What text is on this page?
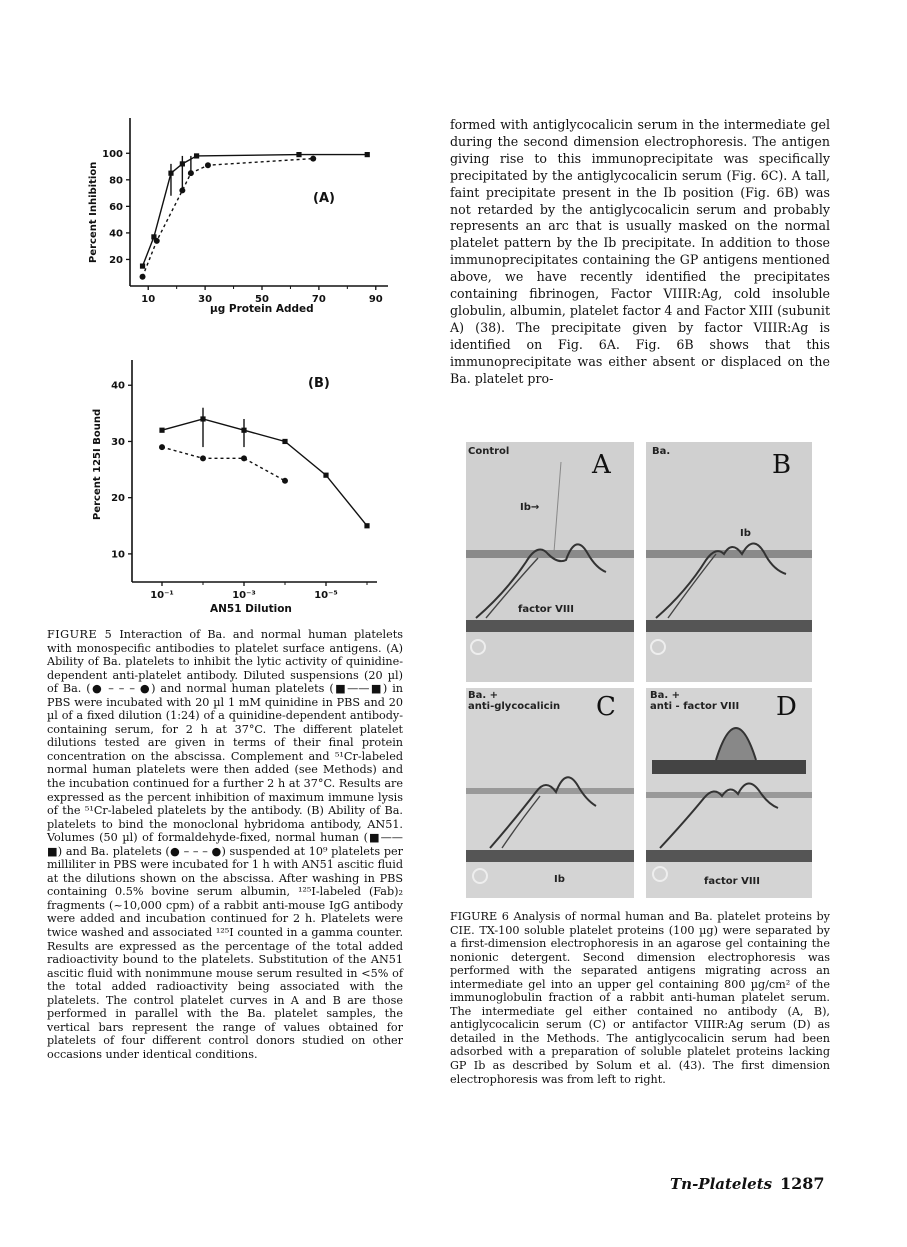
20
40
60
80
100
10	30	50	70	90
(A)
µg Protein Added
Percent Inhibition
10
20
30
40
10⁻¹	10⁻³	10⁻⁵
(B)
AN51 Dilution
Percent 125I Bound
FIGURE 5 Interaction of Ba. and normal human platelets with monospecific antibodies to platelet surface antigens. (A) Ability of Ba. platelets to inhibit the lytic activity of quinidine-dependent anti-platelet antibody. Diluted suspensions (20 µl) of Ba. (● – – – ●) and normal human platelets (■——■) in PBS were incubated with 20 µl 1 mM quinidine in PBS and 20 µl of a fixed dilution (1:24) of a quinidine-dependent antibody-containing serum, for 2 h at 37°C. The different platelet dilutions tested are given in terms of their final protein concentration on the abscissa. Complement and ⁵¹Cr-labeled normal human platelets were then added (see Methods) and the incubation continued for a further 2 h at 37°C. Results are expressed as the percent inhibition of maximum immune lysis of the ⁵¹Cr-labeled platelets by the antibody. (B) Ability of Ba. platelets to bind the monoclonal hybridoma antibody, AN51. Volumes (50 µl) of formaldehyde-fixed, normal human (■——■) and Ba. platelets (● – – – ●) suspended at 10⁹ platelets per milliliter in PBS were incubated for 1 h with AN51 ascitic fluid at the dilutions shown on the abscissa. After washing in PBS containing 0.5% bovine serum albumin, ¹²⁵I-labeled (Fab)₂ fragments (~10,000 cpm) of a rabbit anti-mouse IgG antibody were added and incubation continued for 2 h. Platelets were twice washed and associated ¹²⁵I counted in a gamma counter. Results are expressed as the percentage of the total added radioactivity bound to the platelets. Substitution of the AN51 ascitic fluid with nonimmune mouse serum resulted in <5% of the total added radioactivity being associated with the platelets. The control platelet curves in A and B are those performed in parallel with the Ba. platelet samples, the vertical bars represent the range of values obtained for platelets of four different control donors studied on other occasions under identical conditions.
formed with antiglycocalicin serum in the intermediate gel during the second dimension electrophoresis. The antigen giving rise to this immunoprecipitate was specifically precipitated by the antiglycocalicin serum (Fig. 6C). A tall, faint precipitate present in the Ib position (Fig. 6B) was not retarded by the antiglycocalicin serum and probably represents an arc that is usually masked on the normal platelet pattern by the Ib precipitate. In addition to those immunoprecipitates containing the GP antigens mentioned above, we have recently identified the precipitates containing fibrinogen, Factor VIIIR:Ag, cold insoluble globulin, albumin, platelet factor 4 and Factor XIII (subunit A) (38). The precipitate given by factor VIIIR:Ag is identified on Fig. 6A. Fig. 6B shows that this immunoprecipitate was either absent or displaced on the Ba. platelet pro-
Control	A
Ib→
factor VIII
Ba.	B
Ib
Ba. +
anti-glycocalicin C
Ib
Ba. +
anti - factor VIII D
factor VIII
FIGURE 6 Analysis of normal human and Ba. platelet proteins by CIE. TX-100 soluble platelet proteins (100 µg) were separated by a first-dimension electrophoresis in an agarose gel containing the nonionic detergent. Second dimension electrophoresis was performed with the separated antigens migrating across an intermediate gel into an upper gel containing 800 µg/cm² of the immunoglobulin fraction of a rabbit anti-human platelet serum. The intermediate gel either contained no antibody (A, B), antiglycocalicin serum (C) or antifactor VIIIR:Ag serum (D) as detailed in the Methods. The antiglycocalicin serum had been adsorbed with a preparation of soluble platelet proteins lacking GP Ib as described by Solum et al. (43). The first dimension electrophoresis was from left to right.
Tn-Platelets 1287
